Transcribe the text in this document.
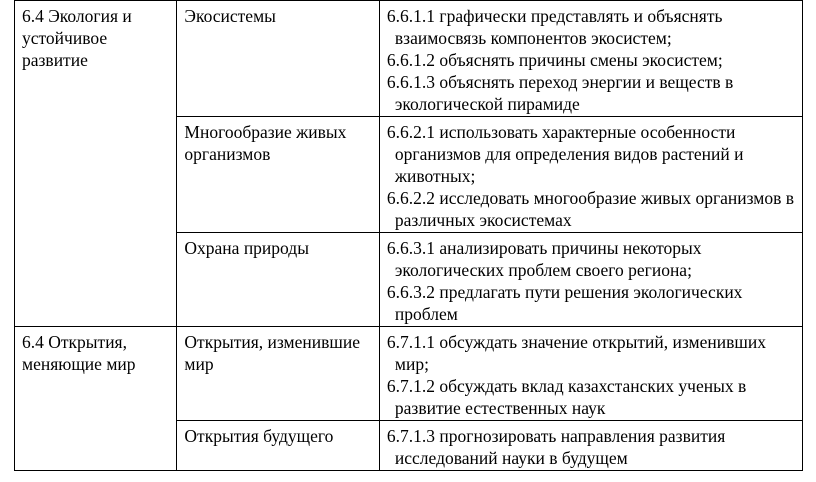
6.4 Экология и устойчивое развитие	Экосистемы	6.6.1.1 графически представлять и объяснять взаимосвязь компонентов экосистем;
6.6.1.2 объяснять причины смены экосистем;
6.6.1.3 объяснять переход энергии и веществ в экологической пирамиде

	Многообразие живых организмов	6.6.2.1 использовать характерные особенности организмов для определения видов растений и животных;
6.6.2.2 исследовать многообразие живых организмов в различных экосистемах

	Охрана природы	6.6.3.1 анализировать причины некоторых экологических проблем своего региона;
6.6.3.2 предлагать пути решения экологических проблем

6.4 Открытия, меняющие мир	Открытия, изменившие мир	6.7.1.1 обсуждать значение открытий, изменивших мир;
6.7.1.2 обсуждать вклад казахстанских ученых в развитие естественных наук

	Открытия будущего	6.7.1.3 прогнозировать направления развития исследований науки в будущем
